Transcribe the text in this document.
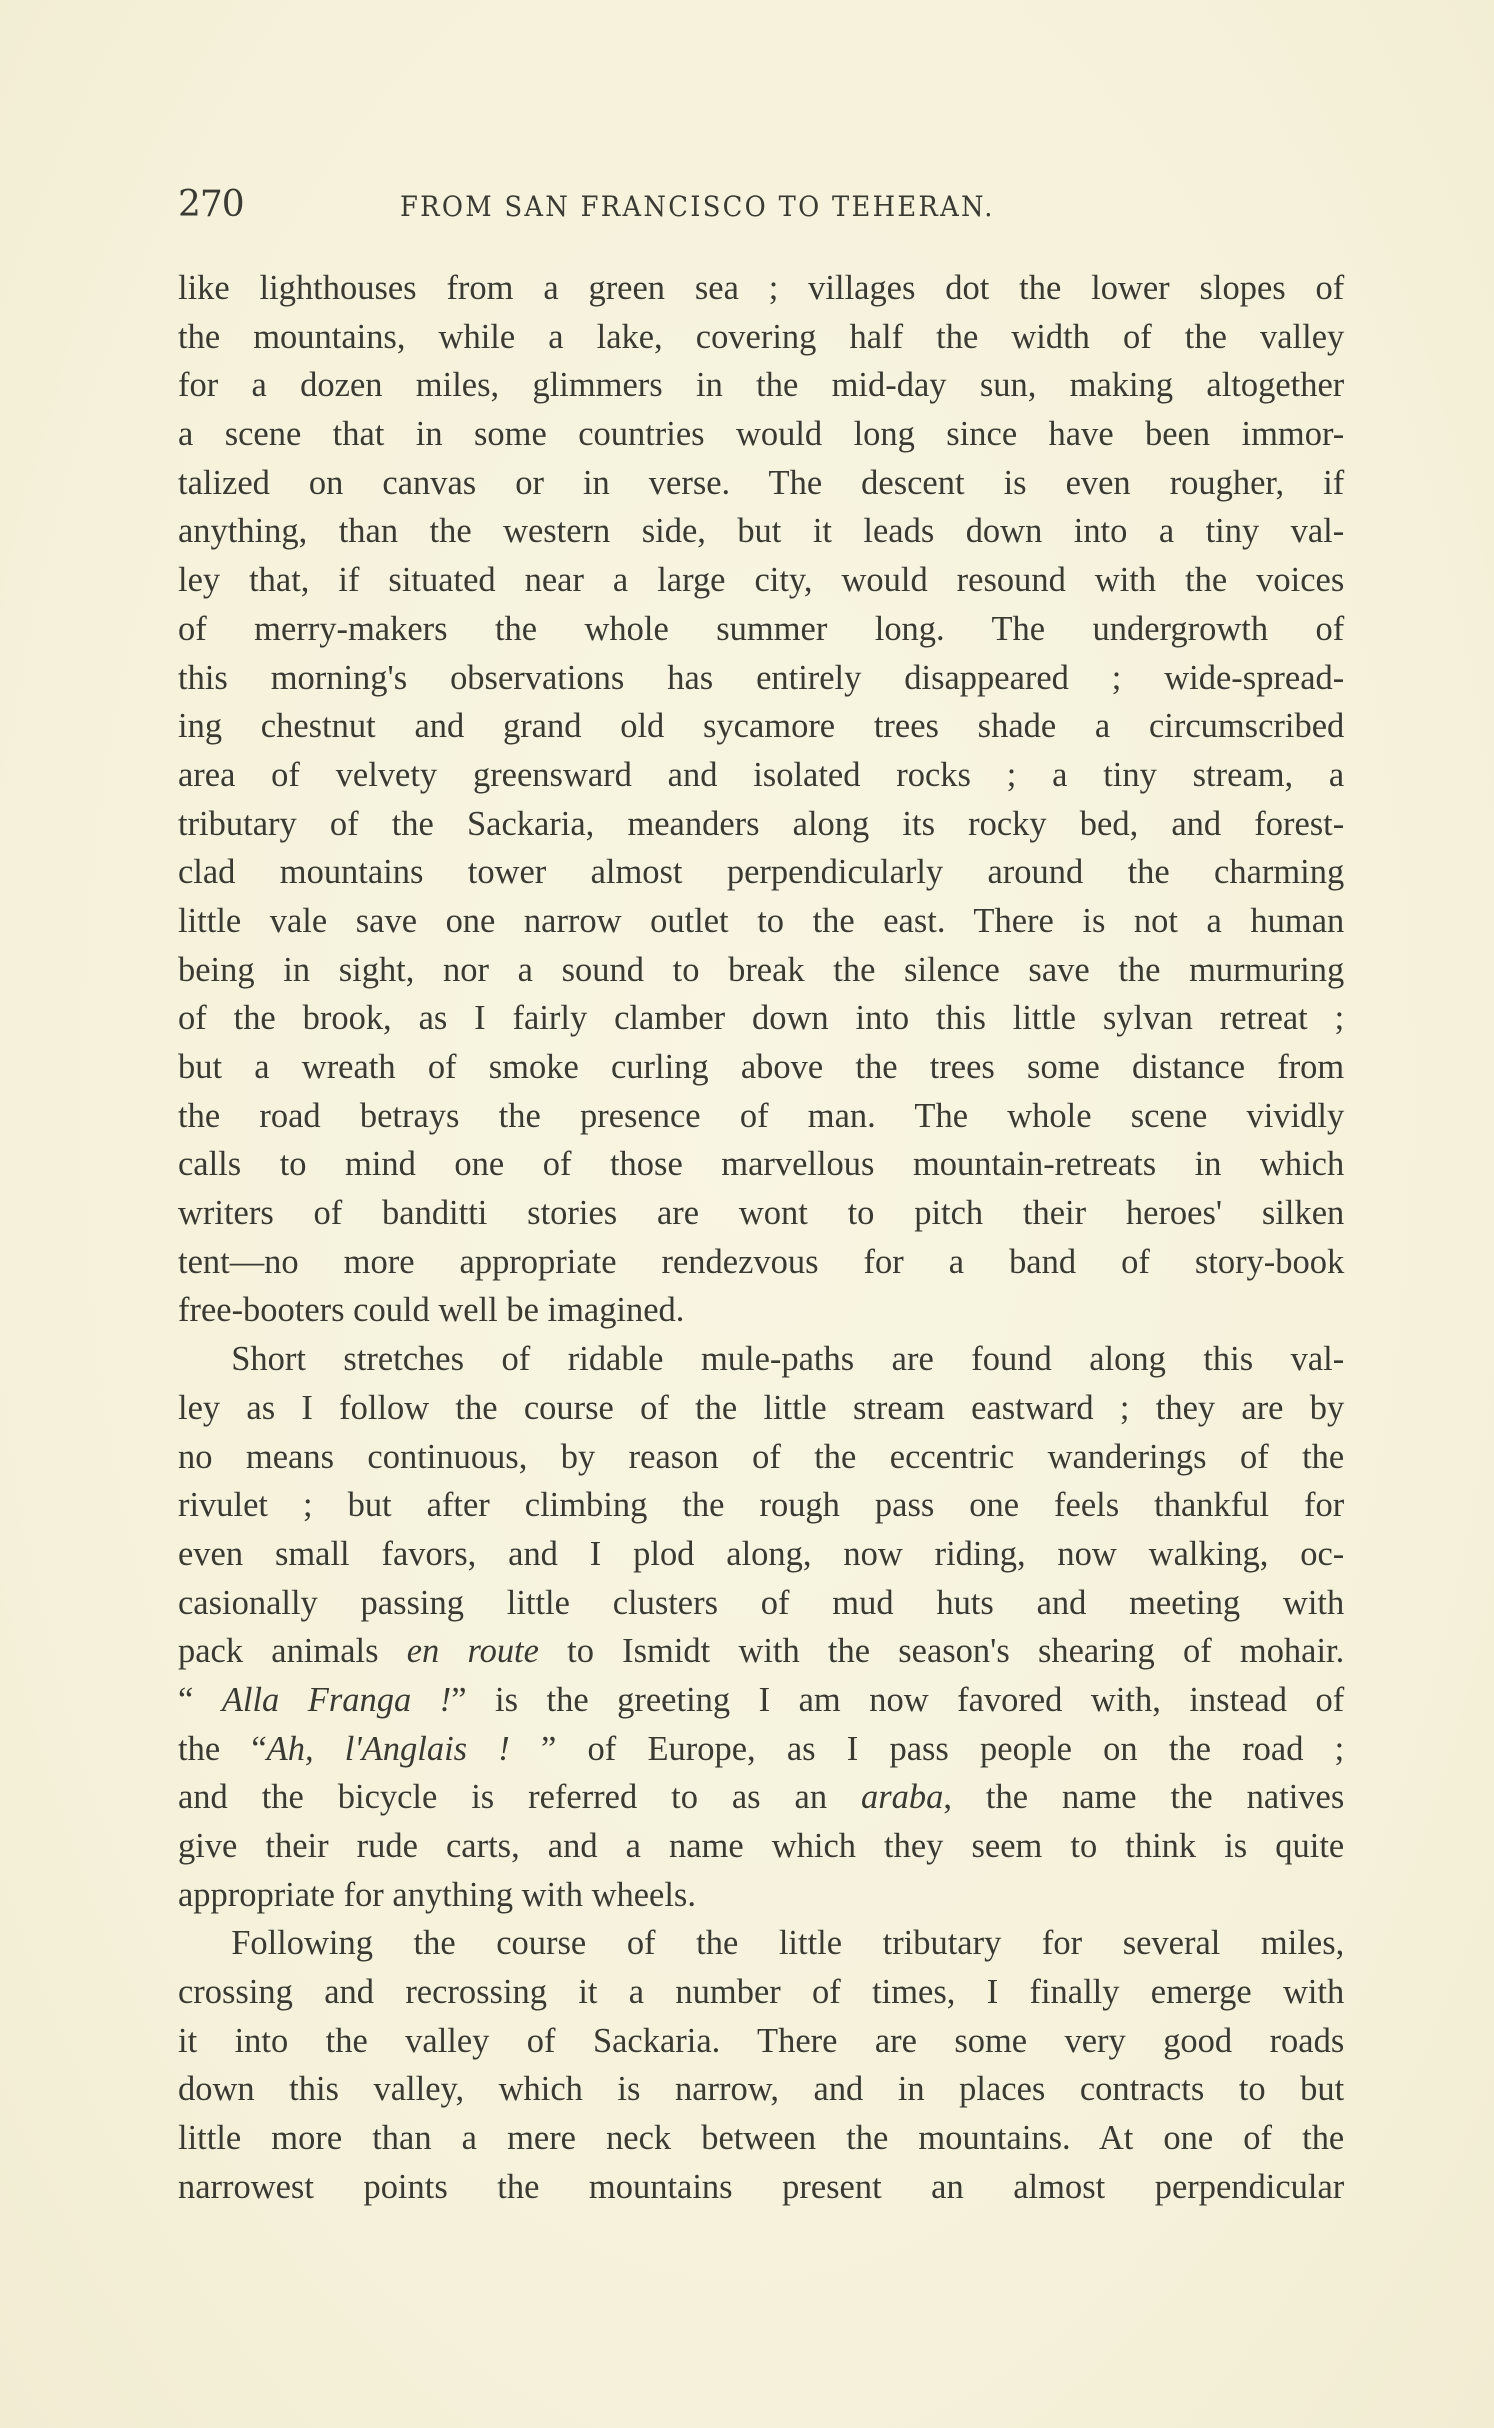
270	FROM SAN FRANCISCO TO TEHERAN.
like lighthouses from a green sea ; villages dot the lower slopes of
the mountains, while a lake, covering half the width of the valley
for a dozen miles, glimmers in the mid-day sun, making altogether
a scene that in some countries would long since have been immor-
talized on canvas or in verse. The descent is even rougher, if
anything, than the western side, but it leads down into a tiny val-
ley that, if situated near a large city, would resound with the voices
of merry-makers the whole summer long. The undergrowth of
this morning's observations has entirely disappeared ; wide-spread-
ing chestnut and grand old sycamore trees shade a circumscribed
area of velvety greensward and isolated rocks ; a tiny stream, a
tributary of the Sackaria, meanders along its rocky bed, and forest-
clad mountains tower almost perpendicularly around the charming
little vale save one narrow outlet to the east. There is not a human
being in sight, nor a sound to break the silence save the murmuring
of the brook, as I fairly clamber down into this little sylvan retreat ;
but a wreath of smoke curling above the trees some distance from
the road betrays the presence of man. The whole scene vividly
calls to mind one of those marvellous mountain-retreats in which
writers of banditti stories are wont to pitch their heroes' silken
tent—no more appropriate rendezvous for a band of story-book
free-booters could well be imagined.
Short stretches of ridable mule-paths are found along this val-
ley as I follow the course of the little stream eastward ; they are by
no means continuous, by reason of the eccentric wanderings of the
rivulet ; but after climbing the rough pass one feels thankful for
even small favors, and I plod along, now riding, now walking, oc-
casionally passing little clusters of mud huts and meeting with
pack animals en route to Ismidt with the season's shearing of mohair.
“ Alla Franga !” is the greeting I am now favored with, instead of
the “Ah, l'Anglais ! ” of Europe, as I pass people on the road ;
and the bicycle is referred to as an araba, the name the natives
give their rude carts, and a name which they seem to think is quite
appropriate for anything with wheels.
Following the course of the little tributary for several miles,
crossing and recrossing it a number of times, I finally emerge with
it into the valley of Sackaria. There are some very good roads
down this valley, which is narrow, and in places contracts to but
little more than a mere neck between the mountains. At one of the
narrowest points the mountains present an almost perpendicular
